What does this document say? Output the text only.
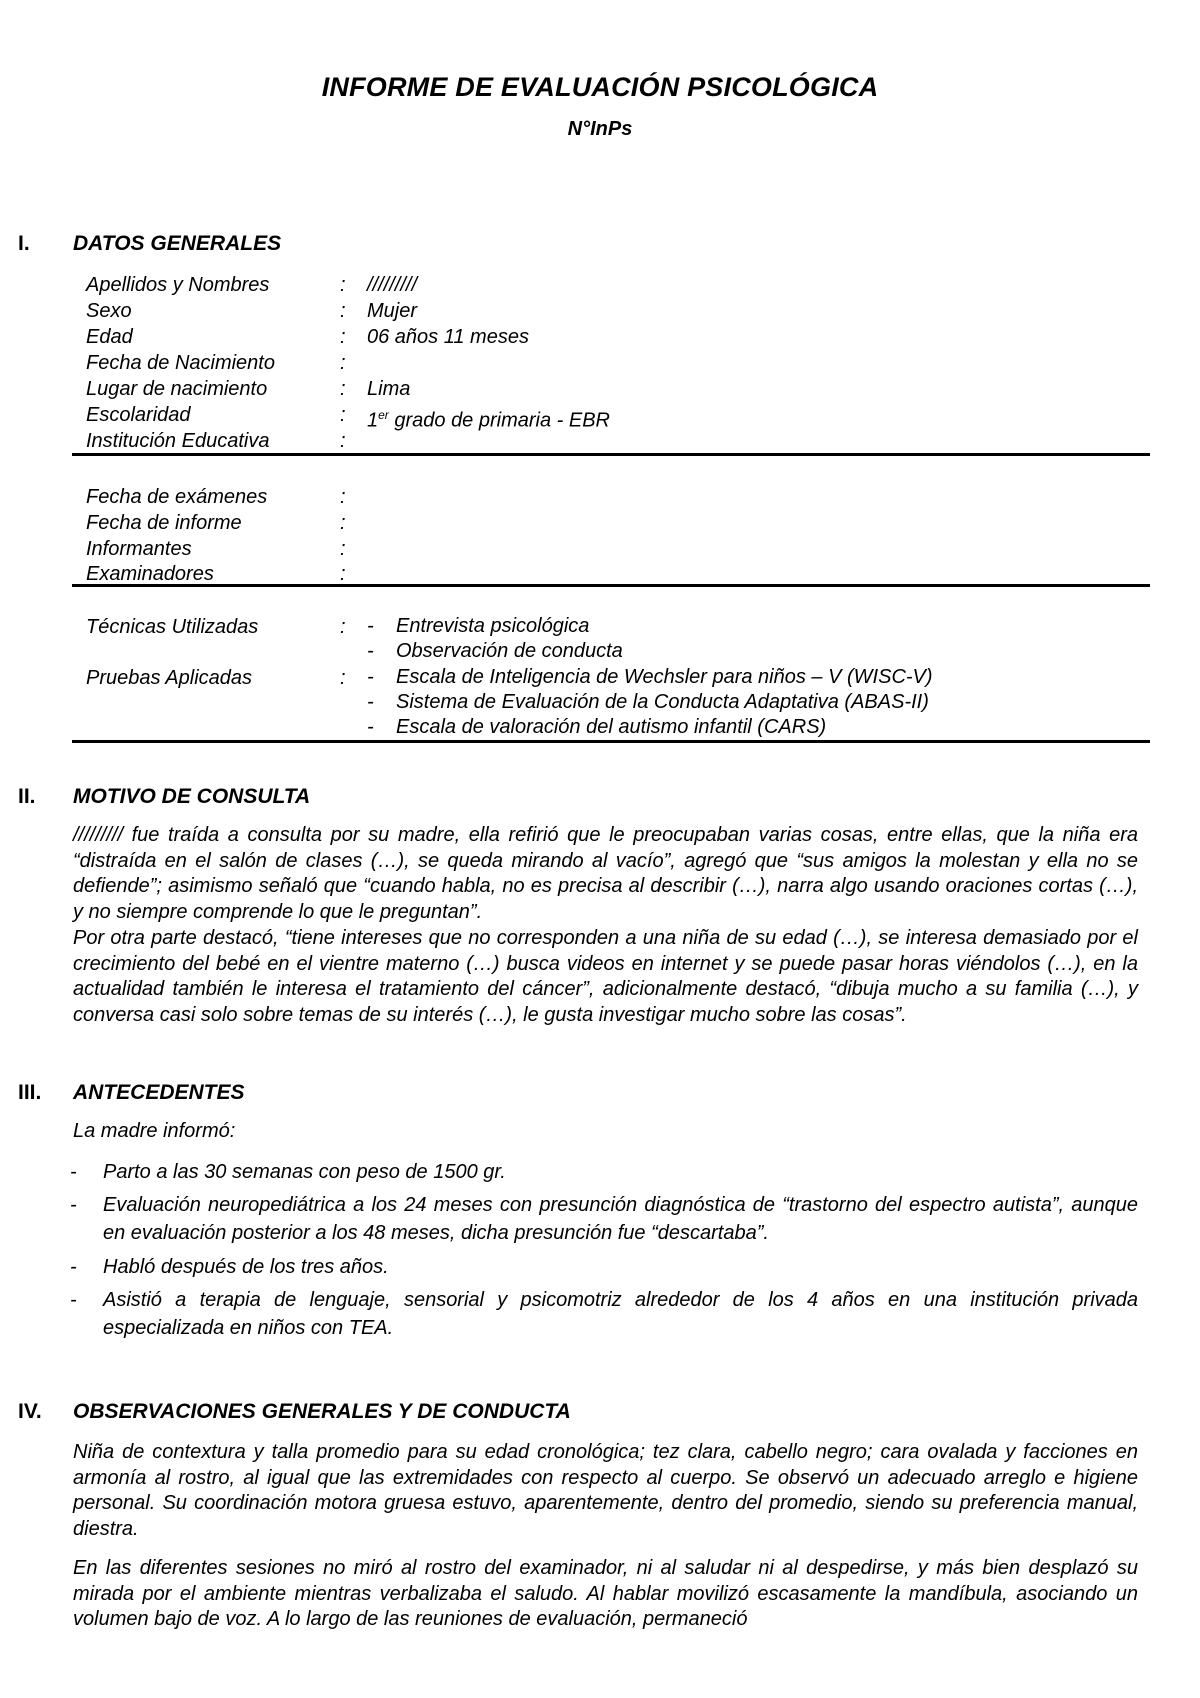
INFORME DE EVALUACIÓN PSICOLÓGICA
N°InPs
I. DATOS GENERALES
Apellidos y Nombres	: /////////
Sexo	: Mujer
Edad	: 06 años 11 meses
Fecha de Nacimiento	:
Lugar de nacimiento	: Lima
Escolaridad	: 1er grado de primaria - EBR
Institución Educativa	:
Fecha de exámenes	:
Fecha de informe	:
Informantes	:
Examinadores	:
Técnicas Utilizadas	: - Entrevista psicológica
- Observación de conducta
Pruebas Aplicadas	: - Escala de Inteligencia de Wechsler para niños – V (WISC-V)
- Sistema de Evaluación de la Conducta Adaptativa (ABAS-II)
- Escala de valoración del autismo infantil (CARS)
II. MOTIVO DE CONSULTA

///////// fue traída a consulta por su madre, ella refirió que le preocupaban varias cosas, entre ellas, que la niña era “distraída en el salón de clases (…), se queda mirando al vacío”, agregó que “sus amigos la molestan y ella no se defiende”; asimismo señaló que “cuando habla, no es precisa al describir (…), narra algo usando oraciones cortas (…), y no siempre comprende lo que le preguntan”.

Por otra parte destacó, “tiene intereses que no corresponden a una niña de su edad (…), se interesa demasiado por el crecimiento del bebé en el vientre materno (…) busca videos en internet y se puede pasar horas viéndolos (…), en la actualidad también le interesa el tratamiento del cáncer”, adicionalmente destacó, “dibuja mucho a su familia (…), y conversa casi solo sobre temas de su interés (…), le gusta investigar mucho sobre las cosas”.

III. ANTECEDENTES

La madre informó:

- Parto a las 30 semanas con peso de 1500 gr.

- Evaluación neuropediátrica a los 24 meses con presunción diagnóstica de “trastorno del espectro autista”, aunque en evaluación posterior a los 48 meses, dicha presunción fue “descartaba”.

- Habló después de los tres años.

- Asistió a terapia de lenguaje, sensorial y psicomotriz alrededor de los 4 años en una institución privada especializada en niños con TEA.

IV. OBSERVACIONES GENERALES Y DE CONDUCTA

Niña de contextura y talla promedio para su edad cronológica; tez clara, cabello negro; cara ovalada y facciones en armonía al rostro, al igual que las extremidades con respecto al cuerpo. Se observó un adecuado arreglo e higiene personal. Su coordinación motora gruesa estuvo, aparentemente, dentro del promedio, siendo su preferencia manual, diestra.

En las diferentes sesiones no miró al rostro del examinador, ni al saludar ni al despedirse, y más bien desplazó su mirada por el ambiente mientras verbalizaba el saludo. Al hablar movilizó escasamente la mandíbula, asociando un volumen bajo de voz. A lo largo de las reuniones de evaluación, permaneció
